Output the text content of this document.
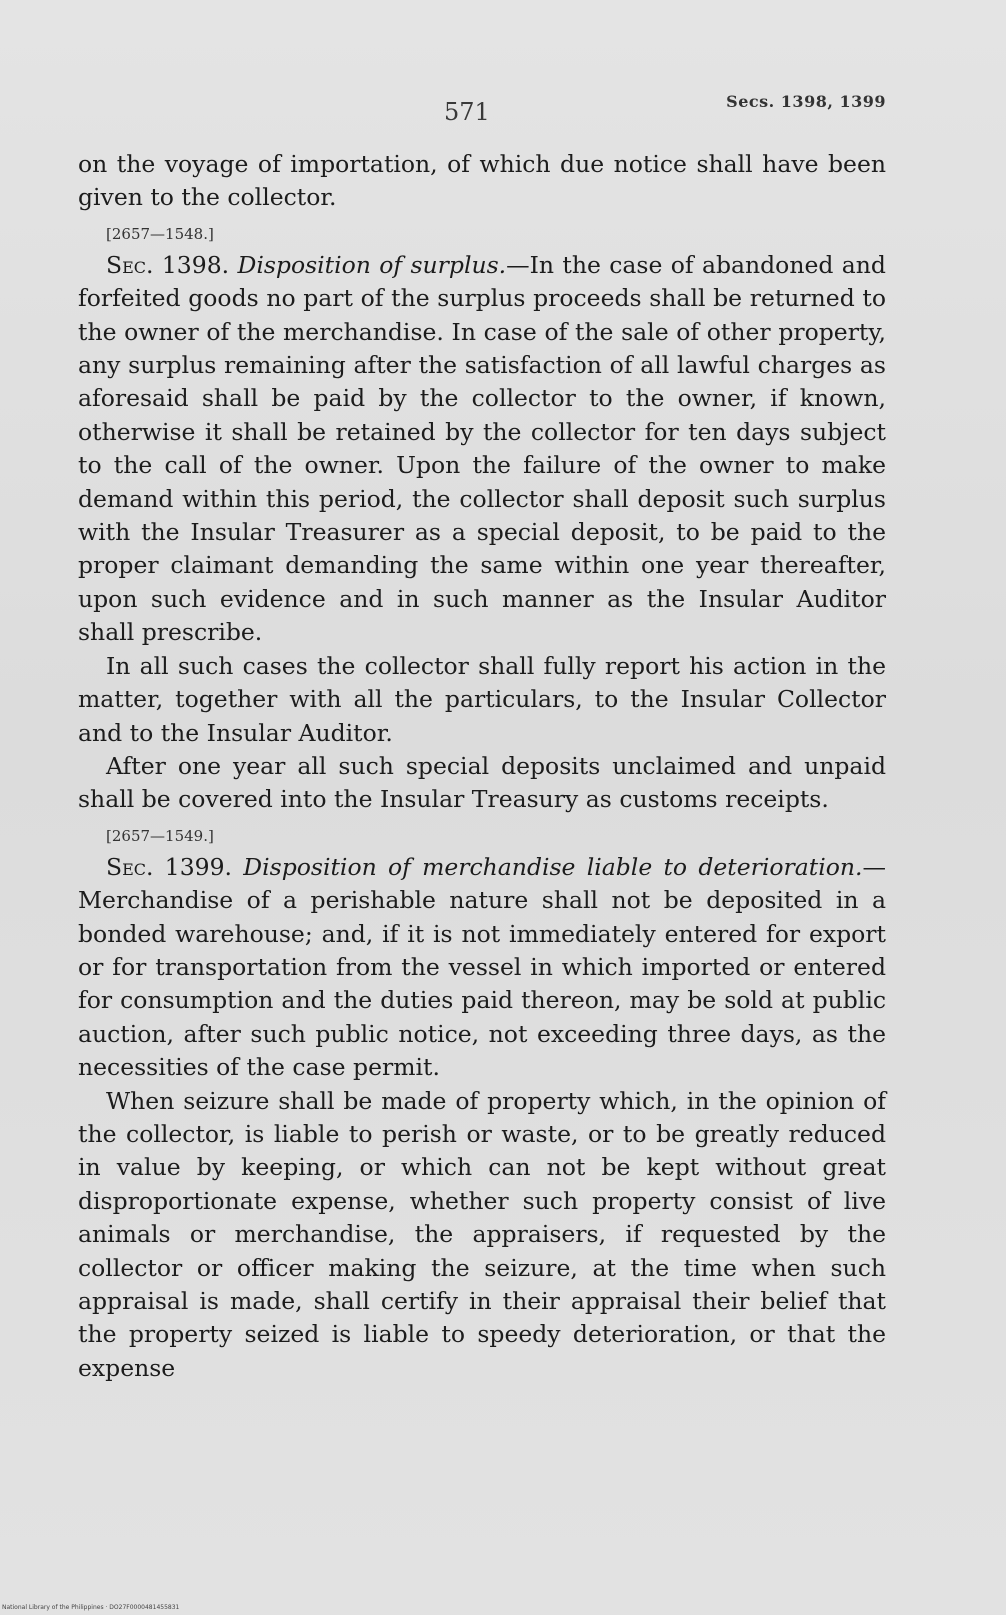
571	Secs. 1398, 1399

on the voyage of importation, of which due notice shall have been given to the collector.

[2657—1548.]

Sec. 1398. Disposition of surplus.—In the case of abandoned and forfeited goods no part of the surplus proceeds shall be returned to the owner of the merchandise. In case of the sale of other property, any surplus remaining after the satisfaction of all lawful charges as aforesaid shall be paid by the collector to the owner, if known, otherwise it shall be retained by the collector for ten days subject to the call of the owner. Upon the failure of the owner to make demand within this period, the collector shall deposit such surplus with the Insular Treasurer as a special deposit, to be paid to the proper claimant demanding the same within one year thereafter, upon such evidence and in such manner as the Insular Auditor shall prescribe.

In all such cases the collector shall fully report his action in the matter, together with all the particulars, to the Insular Collector and to the Insular Auditor.

After one year all such special deposits unclaimed and unpaid shall be covered into the Insular Treasury as customs receipts.

[2657—1549.]

Sec. 1399. Disposition of merchandise liable to deterioration.—Merchandise of a perishable nature shall not be deposited in a bonded warehouse; and, if it is not immediately entered for export or for transportation from the vessel in which imported or entered for consumption and the duties paid thereon, may be sold at public auction, after such public notice, not exceeding three days, as the necessities of the case permit.

When seizure shall be made of property which, in the opinion of the collector, is liable to perish or waste, or to be greatly reduced in value by keeping, or which can not be kept without great disproportionate expense, whether such property consist of live animals or merchandise, the appraisers, if requested by the collector or officer making the seizure, at the time when such appraisal is made, shall certify in their appraisal their belief that the property seized is liable to speedy deterioration, or that the expense

National Library of the Philippines · DO27F0000481455831
